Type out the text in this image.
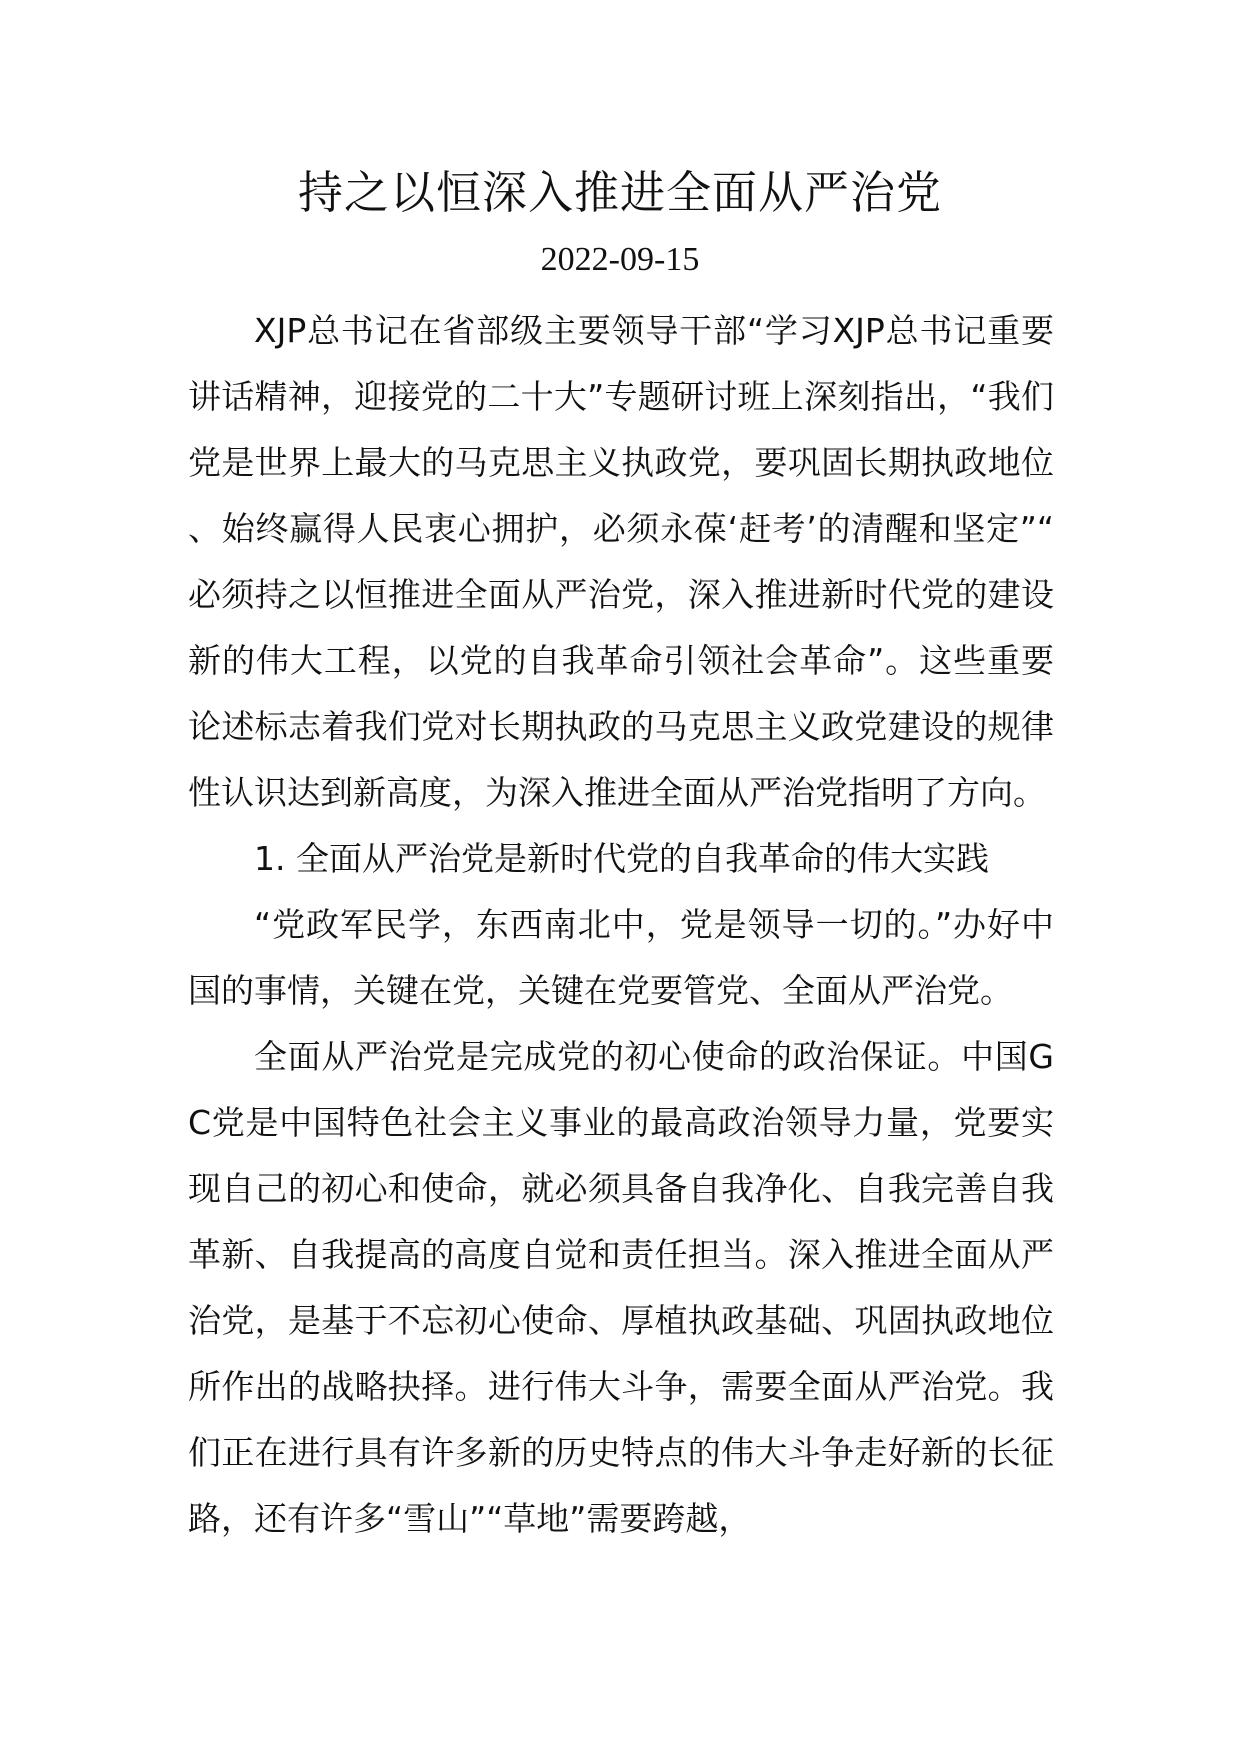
持之以恒深入推进全面从严治党
2022-09-15

XJP总书记在省部级主要领导干部“学习XJP总书记重要讲话精神，迎接党的二十大”专题研讨班上深刻指出，“我们党是世界上最大的马克思主义执政党，要巩固长期执政地位、始终赢得人民衷心拥护，必须永葆‘赶考’的清醒和坚定”“必须持之以恒推进全面从严治党，深入推进新时代党的建设新的伟大工程，以党的自我革命引领社会革命”。这些重要论述标志着我们党对长期执政的马克思主义政党建设的规律性认识达到新高度，为深入推进全面从严治党指明了方向。

1. 全面从严治党是新时代党的自我革命的伟大实践

“党政军民学，东西南北中，党是领导一切的。”办好中国的事情，关键在党，关键在党要管党、全面从严治党。

全面从严治党是完成党的初心使命的政治保证。中国GC党是中国特色社会主义事业的最高政治领导力量，党要实现自己的初心和使命，就必须具备自我净化、自我完善自我革新、自我提高的高度自觉和责任担当。深入推进全面从严治党，是基于不忘初心使命、厚植执政基础、巩固执政地位所作出的战略抉择。进行伟大斗争，需要全面从严治党。我们正在进行具有许多新的历史特点的伟大斗争走好新的长征路，还有许多“雪山”“草地”需要跨越，
